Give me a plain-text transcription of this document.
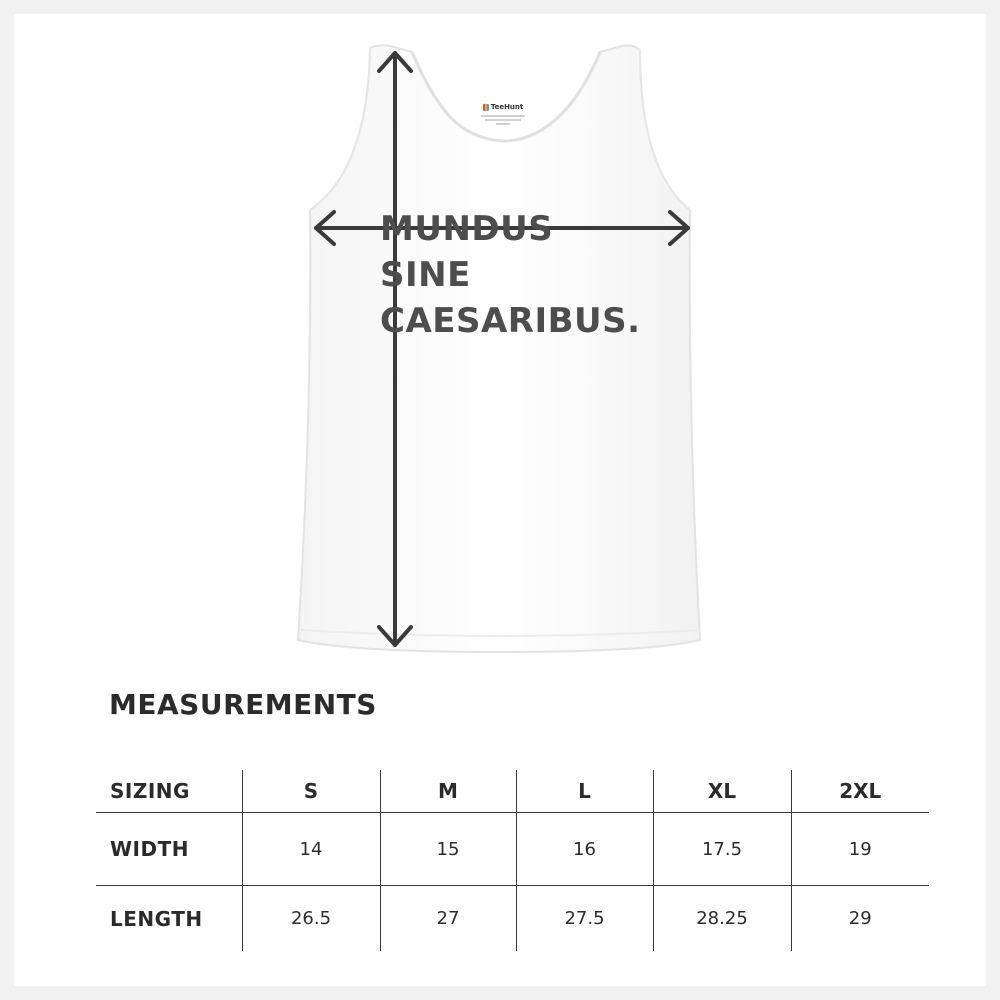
TeeHunt
MUNDUS
SINE
CAESARIBUS.
MEASUREMENTS
SIZING	S	M	L	XL	2XL
WIDTH	14	15	16	17.5	19
LENGTH	26.5	27	27.5	28.25	29
